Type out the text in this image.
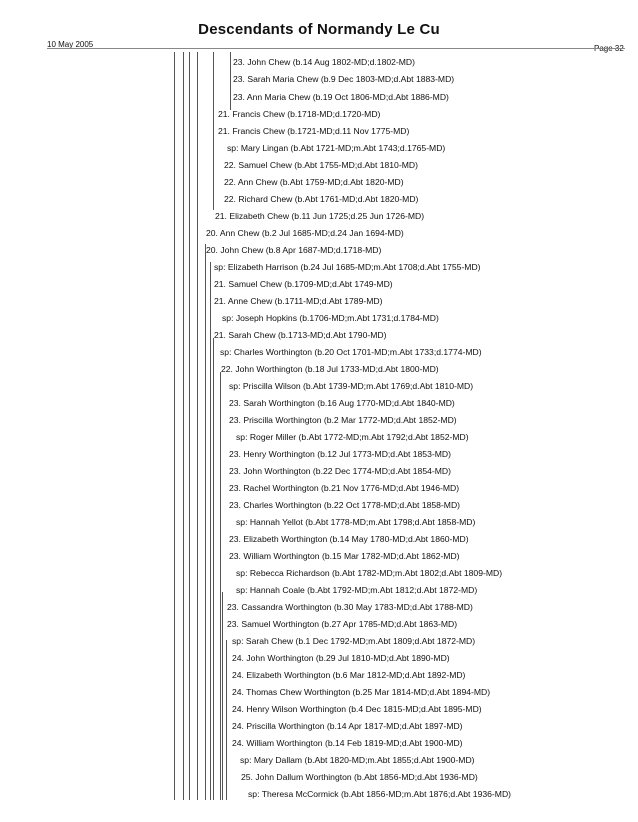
Descendants of Normandy Le Cu
10 May 2005	Page 32
23. John Chew (b.14 Aug 1802-MD;d.1802-MD)
23. Sarah Maria Chew (b.9 Dec 1803-MD;d.Abt 1883-MD)
23. Ann Maria Chew (b.19 Oct 1806-MD;d.Abt 1886-MD)
21. Francis Chew (b.1718-MD;d.1720-MD)
21. Francis Chew (b.1721-MD;d.11 Nov 1775-MD)
sp: Mary Lingan (b.Abt 1721-MD;m.Abt 1743;d.1765-MD)
22. Samuel Chew (b.Abt 1755-MD;d.Abt 1810-MD)
22. Ann Chew (b.Abt 1759-MD;d.Abt 1820-MD)
22. Richard Chew (b.Abt 1761-MD;d.Abt 1820-MD)
21. Elizabeth Chew (b.11 Jun 1725;d.25 Jun 1726-MD)
20. Ann Chew (b.2 Jul 1685-MD;d.24 Jan 1694-MD)
20. John Chew (b.8 Apr 1687-MD;d.1718-MD)
sp: Elizabeth Harrison (b.24 Jul 1685-MD;m.Abt 1708;d.Abt 1755-MD)
21. Samuel Chew (b.1709-MD;d.Abt 1749-MD)
21. Anne Chew (b.1711-MD;d.Abt 1789-MD)
sp: Joseph Hopkins (b.1706-MD;m.Abt 1731;d.1784-MD)
21. Sarah Chew (b.1713-MD;d.Abt 1790-MD)
sp: Charles Worthington (b.20 Oct 1701-MD;m.Abt 1733;d.1774-MD)
22. John Worthington (b.18 Jul 1733-MD;d.Abt 1800-MD)
sp: Priscilla Wilson (b.Abt 1739-MD;m.Abt 1769;d.Abt 1810-MD)
23. Sarah Worthington (b.16 Aug 1770-MD;d.Abt 1840-MD)
23. Priscilla Worthington (b.2 Mar 1772-MD;d.Abt 1852-MD)
sp: Roger Miller (b.Abt 1772-MD;m.Abt 1792;d.Abt 1852-MD)
23. Henry Worthington (b.12 Jul 1773-MD;d.Abt 1853-MD)
23. John Worthington (b.22 Dec 1774-MD;d.Abt 1854-MD)
23. Rachel Worthington (b.21 Nov 1776-MD;d.Abt 1946-MD)
23. Charles Worthington (b.22 Oct 1778-MD;d.Abt 1858-MD)
sp: Hannah Yellot (b.Abt 1778-MD;m.Abt 1798;d.Abt 1858-MD)
23. Elizabeth Worthington (b.14 May 1780-MD;d.Abt 1860-MD)
23. William Worthington (b.15 Mar 1782-MD;d.Abt 1862-MD)
sp: Rebecca Richardson (b.Abt 1782-MD;m.Abt 1802;d.Abt 1809-MD)
sp: Hannah Coale (b.Abt 1792-MD;m.Abt 1812;d.Abt 1872-MD)
23. Cassandra Worthington (b.30 May 1783-MD;d.Abt 1788-MD)
23. Samuel Worthington (b.27 Apr 1785-MD;d.Abt 1863-MD)
sp: Sarah Chew (b.1 Dec 1792-MD;m.Abt 1809;d.Abt 1872-MD)
24. John Worthington (b.29 Jul 1810-MD;d.Abt 1890-MD)
24. Elizabeth Worthington (b.6 Mar 1812-MD;d.Abt 1892-MD)
24. Thomas Chew Worthington (b.25 Mar 1814-MD;d.Abt 1894-MD)
24. Henry Wilson Worthington (b.4 Dec 1815-MD;d.Abt 1895-MD)
24. Priscilla Worthington (b.14 Apr 1817-MD;d.Abt 1897-MD)
24. William Worthington (b.14 Feb 1819-MD;d.Abt 1900-MD)
sp: Mary Dallam (b.Abt 1820-MD;m.Abt 1855;d.Abt 1900-MD)
25. John Dallum Worthington (b.Abt 1856-MD;d.Abt 1936-MD)
sp: Theresa McCormick (b.Abt 1856-MD;m.Abt 1876;d.Abt 1936-MD)
